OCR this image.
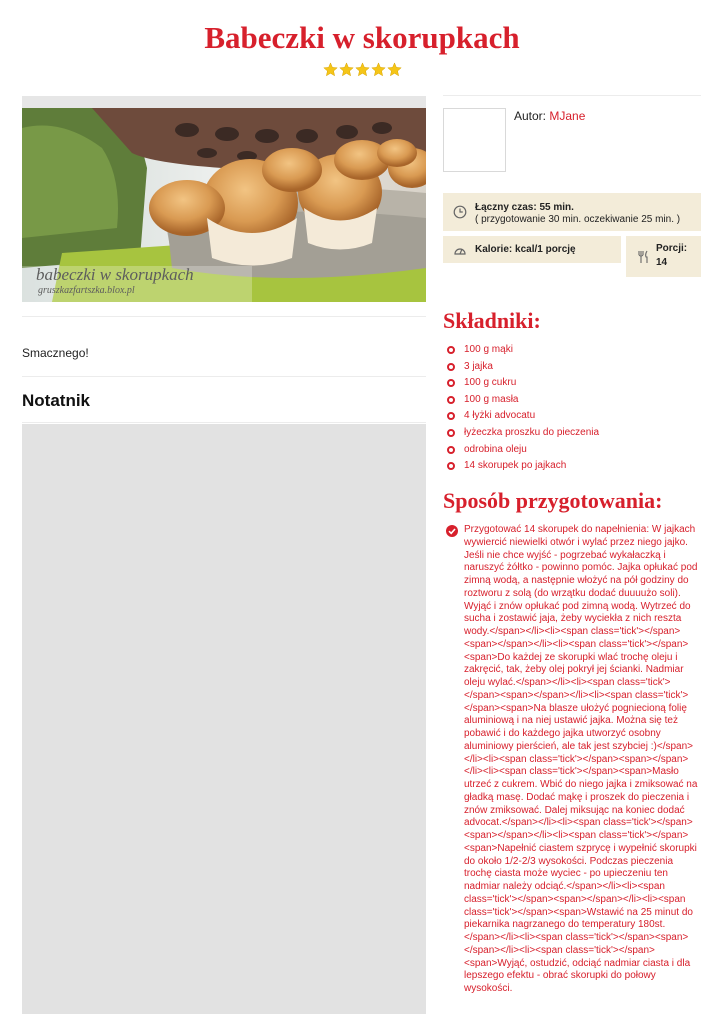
Babeczki w skorupkach
babeczki w skorupkach
gruszkazfartszka.blox.pl
Smacznego!
Notatnik
Autor: MJane
Łączny czas: 55 min.
( przygotowanie 30 min. oczekiwanie 25 min. )
Kalorie: kcal/1 porcję	Porcji:
14
Składniki:
100 g mąki
3 jajka
100 g cukru
100 g masła
4 łyżki advocatu
łyżeczka proszku do pieczenia
odrobina oleju
14 skorupek po jajkach
Sposób przygotowania:

Przygotować 14 skorupek do napełnienia: W jajkach
wywiercić niewielki otwór i wylać przez niego jajko.
Jeśli nie chce wyjść - pogrzebać wykałaczką i
naruszyć żółtko - powinno pomóc. Jajka opłukać pod
zimną wodą, a następnie włożyć na pół godziny do
roztworu z solą (do wrzątku dodać duuuużo soli).
Wyjąć i znów opłukać pod zimną wodą. Wytrzeć do
sucha i zostawić jaja, żeby wyciekła z nich reszta
wody.</span></li><li><span class='tick'></span>
<span></span></li><li><span class='tick'></span>
<span>Do każdej ze skorupki wlać trochę oleju i
zakręcić, tak, żeby olej pokrył jej ścianki. Nadmiar
oleju wylać.</span></li><li><span class='tick'>
</span><span></span></li><li><span class='tick'>
</span><span>Na blasze ułożyć pogniecioną folię
aluminiową i na niej ustawić jajka. Można się też
pobawić i do każdego jajka utworzyć osobny
aluminiowy pierścień, ale tak jest szybciej :)</span>
</li><li><span class='tick'></span><span></span>
</li><li><span class='tick'></span><span>Masło
utrzeć z cukrem. Wbić do niego jajka i zmiksować na
gładką masę. Dodać mąkę i proszek do pieczenia i
znów zmiksować. Dalej miksując na koniec dodać
advocat.</span></li><li><span class='tick'></span>
<span></span></li><li><span class='tick'></span>
<span>Napełnić ciastem szprycę i wypełnić skorupki
do około 1/2-2/3 wysokości. Podczas pieczenia
trochę ciasta może wyciec - po upieczeniu ten
nadmiar należy odciąć.</span></li><li><span
class='tick'></span><span></span></li><li><span
class='tick'></span><span>Wstawić na 25 minut do
piekarnika nagrzanego do temperatury 180st.
</span></li><li><span class='tick'></span><span>
</span></li><li><span class='tick'></span>
<span>Wyjąć, ostudzić, odciąć nadmiar ciasta i dla
lepszego efektu - obrać skorupki do połowy
wysokości.
